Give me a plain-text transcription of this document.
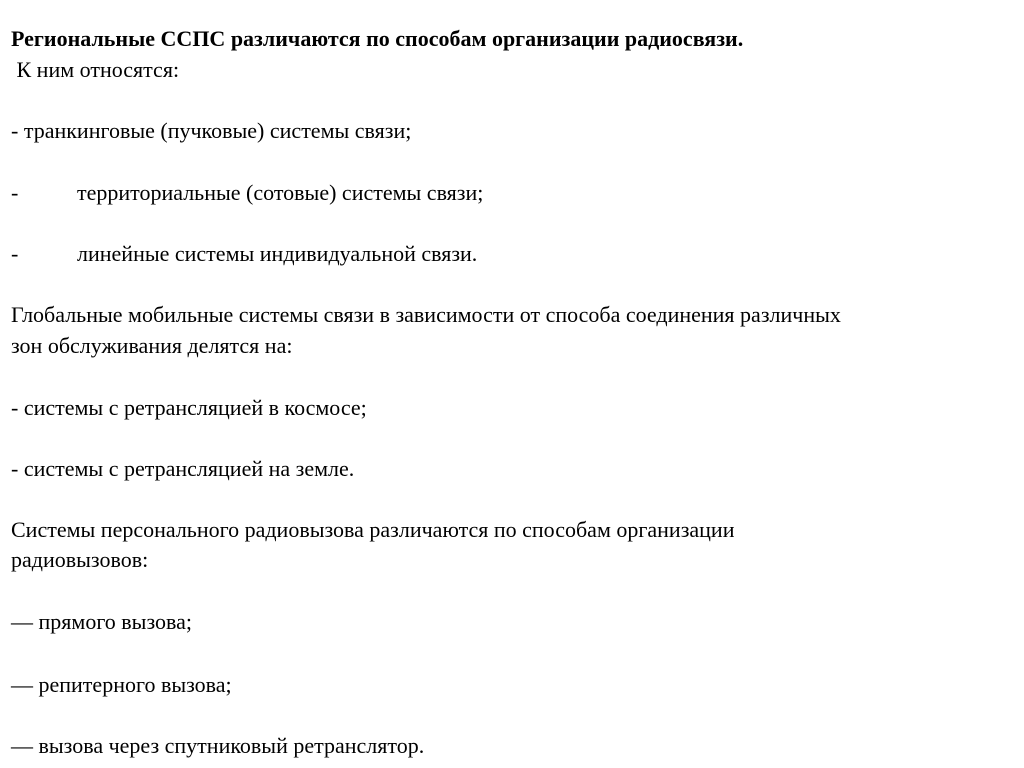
Региональные ССПС различаются по способам организации радиосвязи.
К ним относятся:
- транкинговые (пучковые) системы связи;
-	территориальные (сотовые) системы связи;
-	линейные системы индивидуальной связи.
Глобальные мобильные системы связи в зависимости от способа соединения различных
зон обслуживания делятся на:
- системы с ретрансляцией в космосе;
- системы с ретрансляцией на земле.
Системы персонального радиовызова различаются по способам организации
радиовызовов:
— прямого вызова;
— репитерного вызова;
— вызова через спутниковый ретранслятор.
